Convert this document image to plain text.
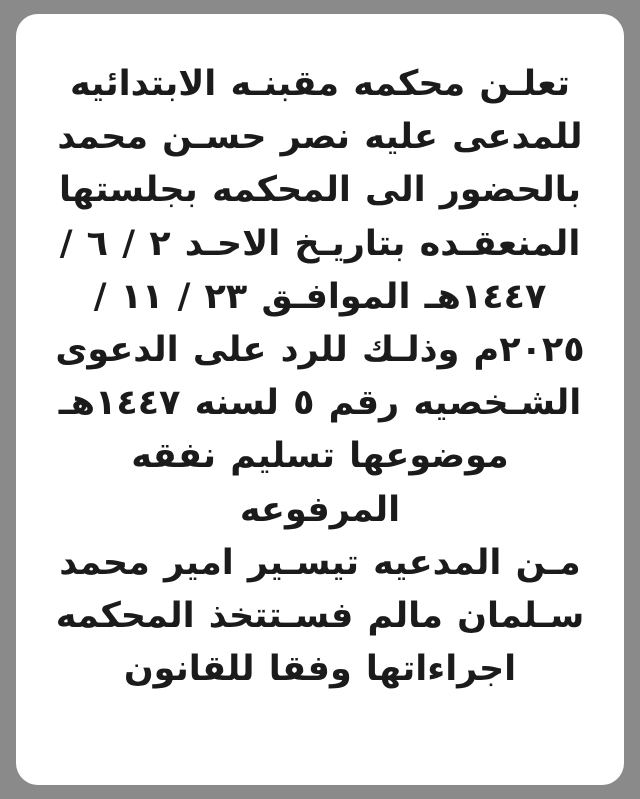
تعلـن محكمه مقبنـه الابتدائيه

للمدعى عليه نصر حسـن محمد

بالحضور الى المحكمه بجلستها

المنعقـده بتاريـخ الاحـد ٢ / ٦ /

١٤٤٧هـ الموافـق ٢٣ / ١١ /

٢٠٢٥م وذلـك للرد على الدعوى

الشـخصيه رقم ٥ لسنه ١٤٤٧هـ

موضوعها تسليم نفقه المرفوعه

مـن المدعيه تيسـير امير محمد

سـلمان مالم فسـتتخذ المحكمه

اجراءاتها وفقا للقانون
